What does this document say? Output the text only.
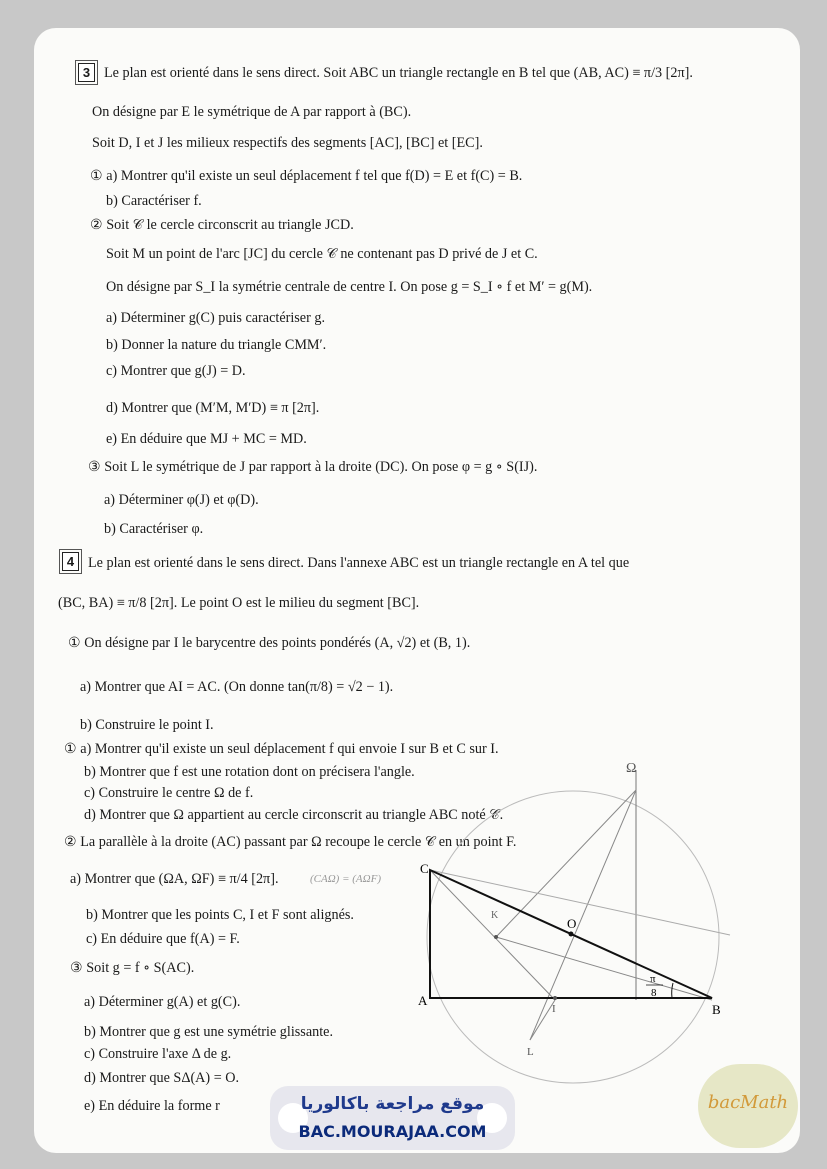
3 Le plan est orienté dans le sens direct. Soit ABC un triangle rectangle en B tel que (AB, AC) ≡ π/3 [2π].
On désigne par E le symétrique de A par rapport à (BC).
Soit D, I et J les milieux respectifs des segments [AC], [BC] et [EC].
① a) Montrer qu'il existe un seul déplacement f tel que f(D) = E et f(C) = B.
b) Caractériser f.
② Soit 𝒞 le cercle circonscrit au triangle JCD.
Soit M un point de l'arc [JC] du cercle 𝒞 ne contenant pas D privé de J et C.
On désigne par S_I la symétrie centrale de centre I. On pose g = S_I ∘ f et M′ = g(M).
a) Déterminer g(C) puis caractériser g.
b) Donner la nature du triangle CMM′.
c) Montrer que g(J) = D.
d) Montrer que (M′M, M′D) ≡ π [2π].
e) En déduire que MJ + MC = MD.
③ Soit L le symétrique de J par rapport à la droite (DC). On pose φ = g ∘ S(IJ).
a) Déterminer φ(J) et φ(D).
b) Caractériser φ.
4 Le plan est orienté dans le sens direct. Dans l'annexe ABC est un triangle rectangle en A tel que
(BC, BA) ≡ π/8 [2π]. Le point O est le milieu du segment [BC].
① On désigne par I le barycentre des points pondérés (A, √2) et (B, 1).
a) Montrer que AI = AC. (On donne tan(π/8) = √2 − 1).
b) Construire le point I.
① a) Montrer qu'il existe un seul déplacement f qui envoie I sur B et C sur I.
b) Montrer que f est une rotation dont on précisera l'angle.
c) Construire le centre Ω de f.
d) Montrer que Ω appartient au cercle circonscrit au triangle ABC noté 𝒞.
② La parallèle à la droite (AC) passant par Ω recoupe le cercle 𝒞 en un point F.
a) Montrer que (ΩA, ΩF) ≡ π/4 [2π].
b) Montrer que les points C, I et F sont alignés.
c) En déduire que f(A) = F.
③ Soit g = f ∘ S(AC).
a) Déterminer g(A) et g(C).
b) Montrer que g est une symétrie glissante.
c) Construire l'axe Δ de g.
d) Montrer que SΔ(A) = O.
e) En déduire la forme r
C
A
B
O
I
L
K
Ω
π
8
(CAΩ) = (AΩF)
موقع مراجعة باكالوريا
BAC.MOURAJAA.COM
bacMath
